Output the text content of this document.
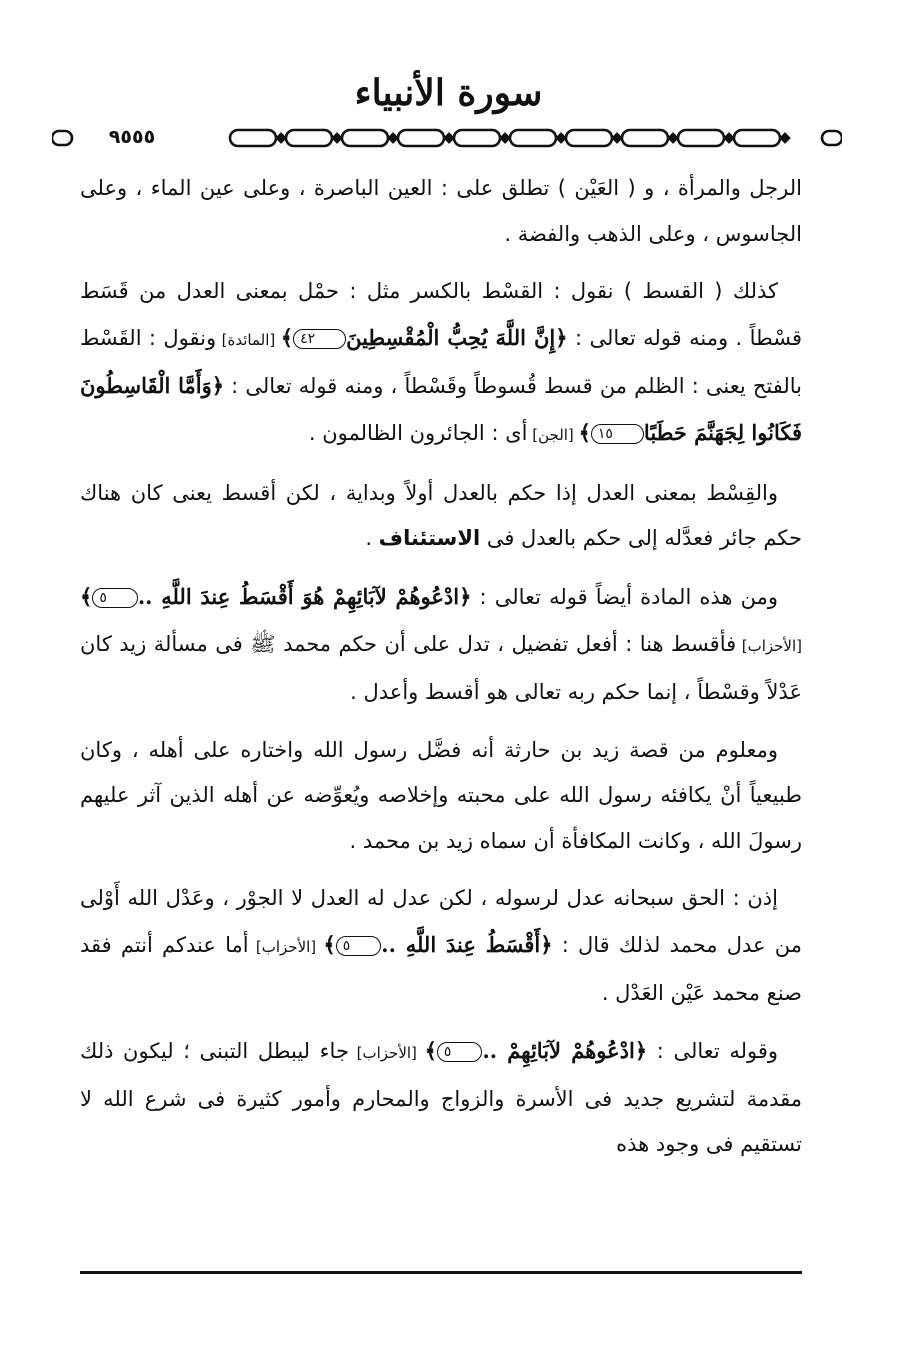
سورة الأنبياء
٩٥٥٥

الرجل والمرأة ، و ( العَيْن ) تطلق على : العين الباصرة ، وعلى عين الماء ، وعلى الجاسوس ، وعلى الذهب والفضة .

كذلك ( القسط ) نقول : القسْط بالكسر مثل : حمْل بمعنى العدل من قَسَط قسْطاً . ومنه قوله تعالى : ﴿إِنَّ اللَّهَ يُحِبُّ الْمُقْسِطِينَ٤٢﴾ [المائدة] ونقول : القَسْط بالفتح يعنى : الظلم من قسط قُسوطاً وقَسْطاً ، ومنه قوله تعالى : ﴿وَأَمَّا الْقَاسِطُونَ فَكَانُوا لِجَهَنَّمَ حَطَبًا١٥﴾ [الجن] أى : الجائرون الظالمون .

والقِسْط بمعنى العدل إذا حكم بالعدل أولاً وبداية ، لكن أقسط يعنى كان هناك حكم جائر فعدَّله إلى حكم بالعدل فى الاستئناف .

ومن هذه المادة أيضاً قوله تعالى : ﴿ادْعُوهُمْ لآبَائِهِمْ هُوَ أَقْسَطُ عِندَ اللَّهِ ..٥﴾ [الأحزاب] فأقسط هنا : أفعل تفضيل ، تدل على أن حكم محمد ﷺ فى مسألة زيد كان عَدْلاً وقسْطاً ، إنما حكم ربه تعالى هو أقسط وأعدل .

ومعلوم من قصة زيد بن حارثة أنه فضَّل رسول الله واختاره على أهله ، وكان طبيعياً أنْ يكافئه رسول الله على محبته وإخلاصه ويُعوِّضه عن أهله الذين آثر عليهم رسولَ الله ، وكانت المكافأة أن سماه زيد بن محمد .

إذن : الحق سبحانه عدل لرسوله ، لكن عدل له العدل لا الجوْر ، وعَدْل الله أَوْلى من عدل محمد لذلك قال : ﴿أَقْسَطُ عِندَ اللَّهِ ..٥﴾ [الأحزاب] أما عندكم أنتم فقد صنع محمد عَيْن العَدْل .

وقوله تعالى : ﴿ادْعُوهُمْ لآبَائِهِمْ ..٥﴾ [الأحزاب] جاء ليبطل التبنى ؛ ليكون ذلك مقدمة لتشريع جديد فى الأسرة والزواج والمحارم وأمور كثيرة فى شرع الله لا تستقيم فى وجود هذه
